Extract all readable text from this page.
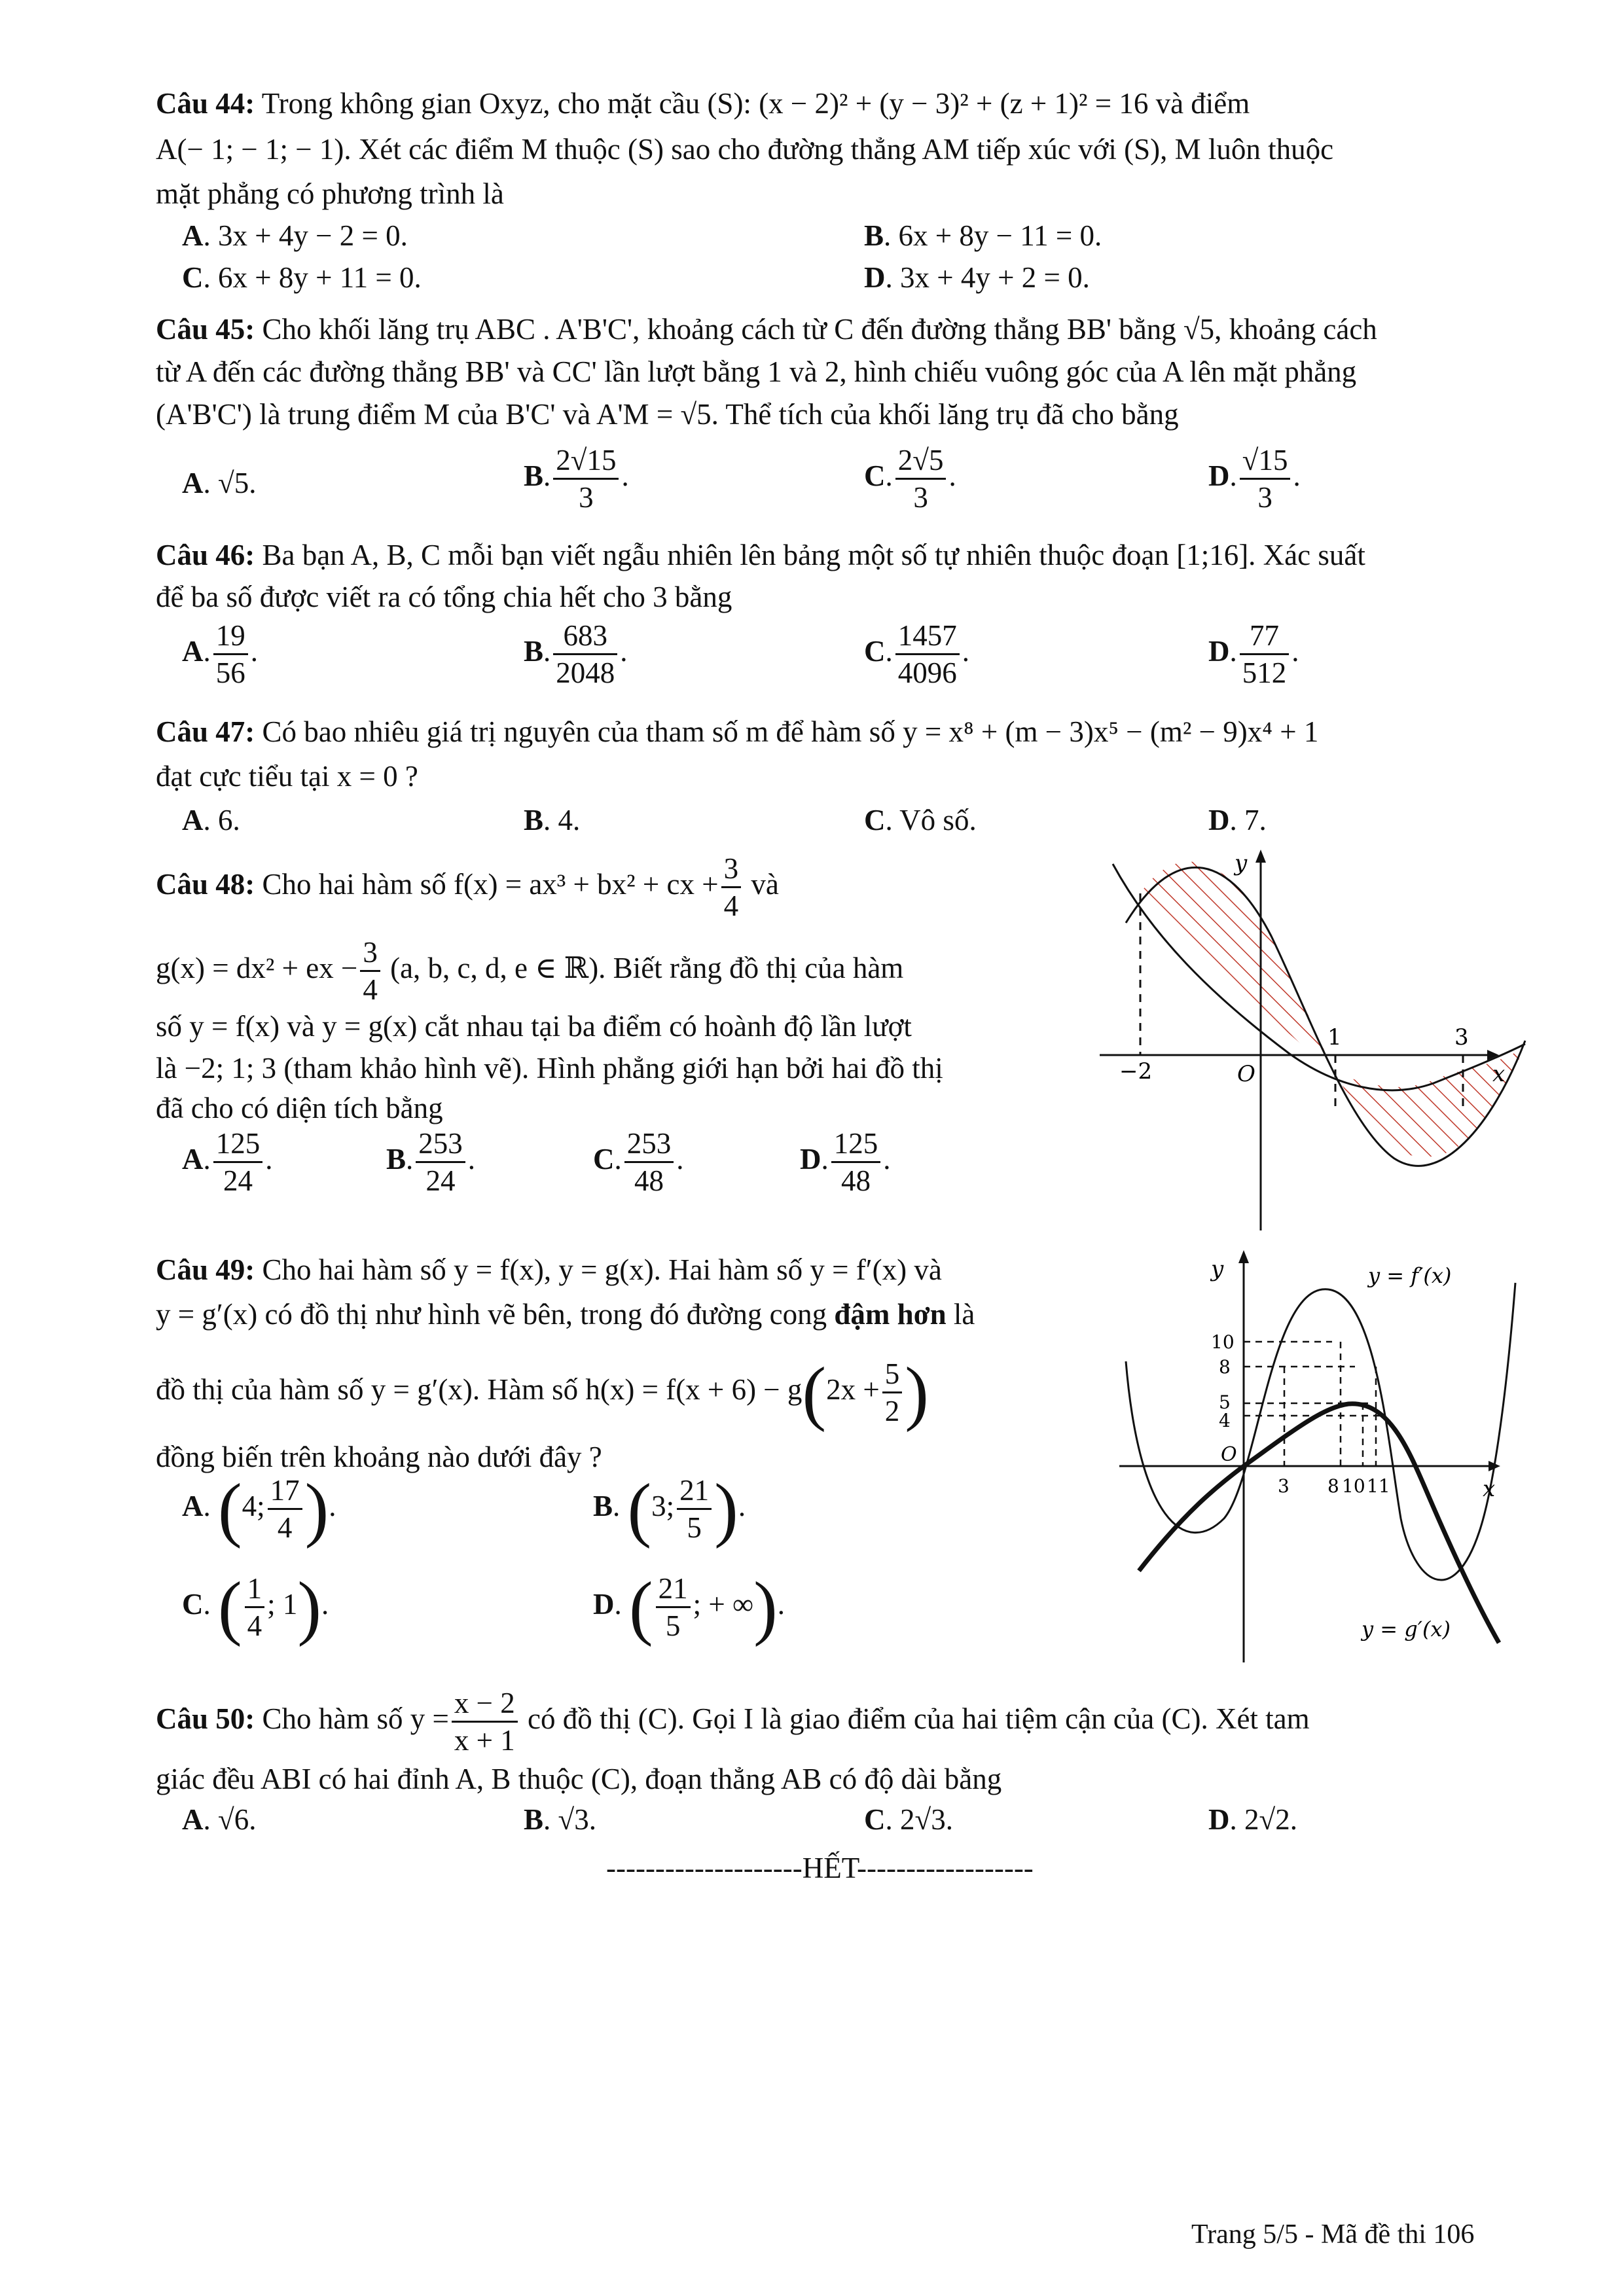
Câu 44: Trong không gian Oxyz, cho mặt cầu (S): (x − 2)² + (y − 3)² + (z + 1)² = 16 và điểm
A(− 1; − 1; − 1). Xét các điểm M thuộc (S) sao cho đường thẳng AM tiếp xúc với (S), M luôn thuộc
mặt phẳng có phương trình là
A. 3x + 4y − 2 = 0.	B. 6x + 8y − 11 = 0.
C. 6x + 8y + 11 = 0.	D. 3x + 4y + 2 = 0.
Câu 45: Cho khối lăng trụ ABC . A'B'C', khoảng cách từ C đến đường thẳng BB' bằng √5, khoảng cách
từ A đến các đường thẳng BB' và CC' lần lượt bằng 1 và 2, hình chiếu vuông góc của A lên mặt phẳng
(A'B'C') là trung điểm M của B'C' và A'M = √5. Thể tích của khối lăng trụ đã cho bằng
A. √5.	B. $\frac{2√15}{3}$ .	C. $\frac{2√5}{3}$ .	D. $\frac{√15}{3}$ .
Câu 46: Ba bạn A, B, C mỗi bạn viết ngẫu nhiên lên bảng một số tự nhiên thuộc đoạn [1;16]. Xác suất
để ba số được viết ra có tổng chia hết cho 3 bằng
A. $\frac{19}{56}$ .	B. $\frac{683}{2048}$ .	C. $\frac{1457}{4096}$ .	D. $\frac{77}{512}$ .
Câu 47: Có bao nhiêu giá trị nguyên của tham số m để hàm số y = x⁸ + (m − 3)x⁵ − (m² − 9)x⁴ + 1
đạt cực tiểu tại x = 0 ?
A. 6.	B. 4.	C. Vô số.	D. 7.
Câu 48: Cho hai hàm số f(x) = ax³ + bx² + cx + $\frac{3}{4}$ và
g(x) = dx² + ex − $\frac{3}{4} (a$, b, c, d, e ∈ ℝ). Biết rằng đồ thị của hàm
số y = f(x) và y = g(x) cắt nhau tại ba điểm có hoành độ lần lượt
là −2; 1; 3 (tham khảo hình vẽ). Hình phẳng giới hạn bởi hai đồ thị
đã cho có diện tích bằng
A. $\frac{125}{24}$ .	B. $\frac{253}{24}$ .	C. $\frac{253}{48}$ .	D. $\frac{125}{48}$ .
y
x
O
−2
1	3
Câu 49: Cho hai hàm số y = f(x), y = g(x). Hai hàm số y = f′(x) và
y = g′(x) có đồ thị như hình vẽ bên, trong đó đường cong đậm hơn là
đồ thị của hàm số y = g′(x). Hàm số $h(x) = f(x + 6) - g(2x + \frac{5}{2}$ )
đồng biến trên khoảng nào dưới đây ?
A. (4; $\frac{17}{4}$ ).	B. (3; $\frac{21}{5}$ ).
C. ( $\frac{1}{4}$ ; 1).	D. ( $\frac{21}{5}$ ; + ∞).
y
x
O
10
8
5
4
3 8 10 11
y = f′(x)
y = g′(x)
Câu 50: Cho hàm số $y = \frac{x - 2}{x + 1}$ có đồ thị (C). Gọi I là giao điểm của hai tiệm cận của (C). Xét tam
giác đều ABI có hai đỉnh A, B thuộc (C), đoạn thẳng AB có độ dài bằng
A. √6.	B. √3.	C. 2√3.	D. 2√2.
--------------------HẾT------------------
Trang 5/5 - Mã đề thi 106
